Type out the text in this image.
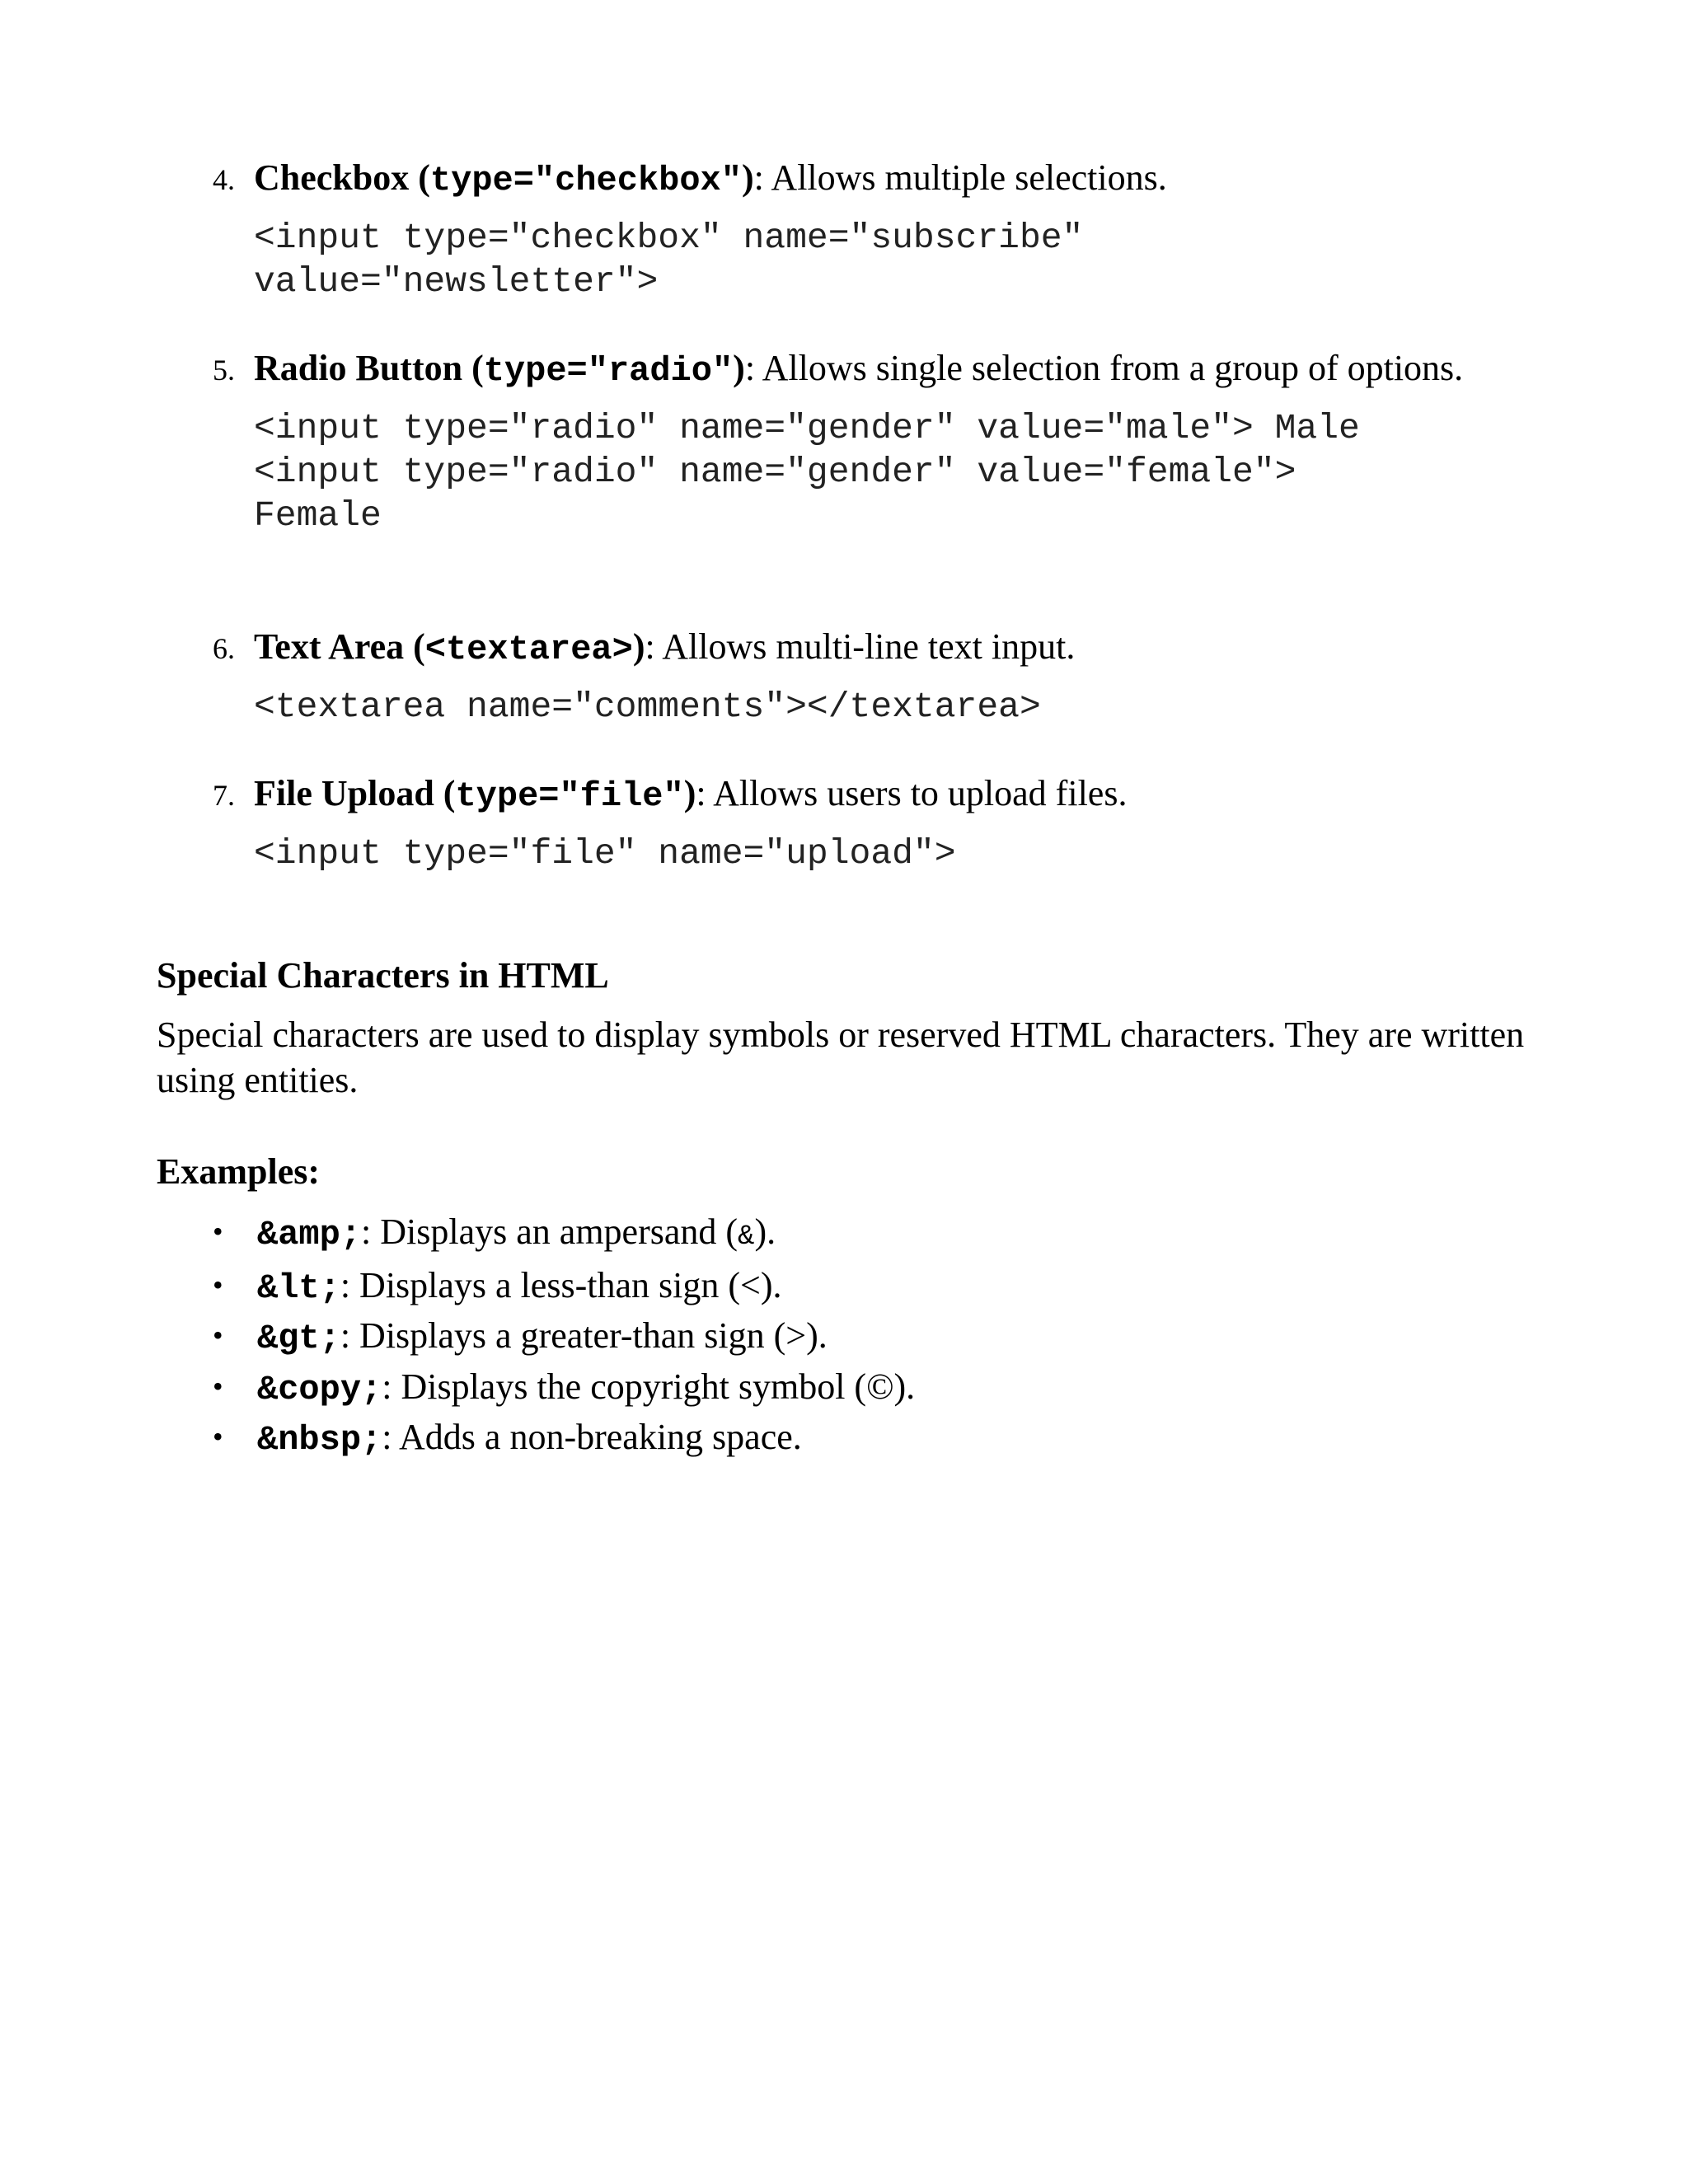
4. Checkbox (type="checkbox"): Allows multiple selections.
<input type="checkbox" name="subscribe"
value="newsletter">
5. Radio Button (type="radio"): Allows single selection from a group of options.
<input type="radio" name="gender" value="male"> Male
<input type="radio" name="gender" value="female">
Female
6. Text Area (<textarea>): Allows multi-line text input.
<textarea name="comments"></textarea>
7. File Upload (type="file"): Allows users to upload files.
<input type="file" name="upload">
Special Characters in HTML
Special characters are used to display symbols or reserved HTML characters. They are written using entities.
Examples:
• &amp;: Displays an ampersand (&).
• &lt;: Displays a less-than sign (<).
• &gt;: Displays a greater-than sign (>).
• &copy;: Displays the copyright symbol (©).
• &nbsp;: Adds a non-breaking space.
